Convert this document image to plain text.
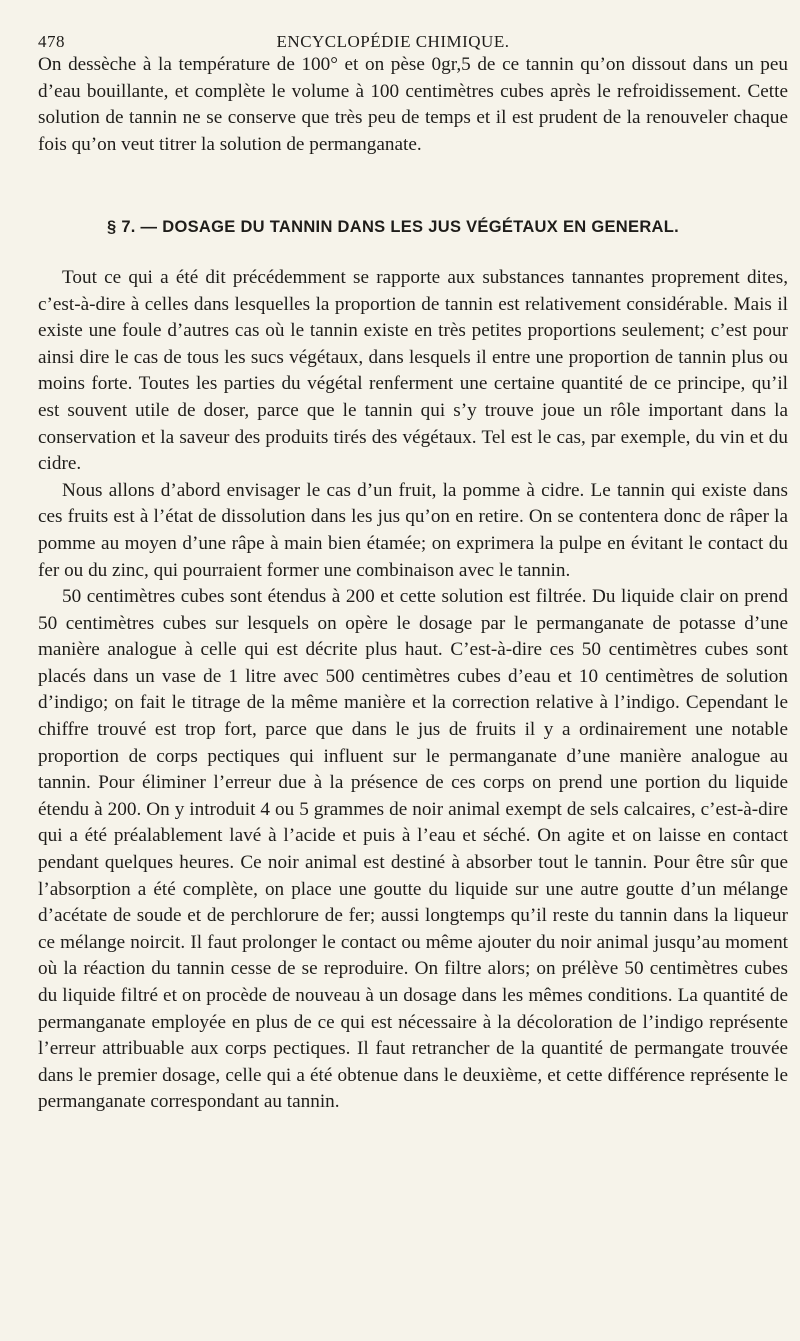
478	ENCYCLOPÉDIE CHIMIQUE.

On dessèche à la température de 100° et on pèse 0gr,5 de ce tannin qu’on dissout dans un peu d’eau bouillante, et complète le volume à 100 centimètres cubes après le refroidissement. Cette solution de tannin ne se conserve que très peu de temps et il est prudent de la renouveler chaque fois qu’on veut titrer la solution de permanganate.

§ 7. — DOSAGE DU TANNIN DANS LES JUS VÉGÉTAUX EN GENERAL.

Tout ce qui a été dit précédemment se rapporte aux substances tannantes proprement dites, c’est-à-dire à celles dans lesquelles la proportion de tannin est relativement considérable. Mais il existe une foule d’autres cas où le tannin existe en très petites proportions seulement; c’est pour ainsi dire le cas de tous les sucs végétaux, dans lesquels il entre une proportion de tannin plus ou moins forte. Toutes les parties du végétal renferment une certaine quantité de ce principe, qu’il est souvent utile de doser, parce que le tannin qui s’y trouve joue un rôle important dans la conservation et la saveur des produits tirés des végétaux. Tel est le cas, par exemple, du vin et du cidre.

Nous allons d’abord envisager le cas d’un fruit, la pomme à cidre. Le tannin qui existe dans ces fruits est à l’état de dissolution dans les jus qu’on en retire. On se contentera donc de râper la pomme au moyen d’une râpe à main bien étamée; on exprimera la pulpe en évitant le contact du fer ou du zinc, qui pourraient former une combinaison avec le tannin.

50 centimètres cubes sont étendus à 200 et cette solution est filtrée. Du liquide clair on prend 50 centimètres cubes sur lesquels on opère le dosage par le permanganate de potasse d’une manière analogue à celle qui est décrite plus haut. C’est-à-dire ces 50 centimètres cubes sont placés dans un vase de 1 litre avec 500 centimètres cubes d’eau et 10 centimètres de solution d’indigo; on fait le titrage de la même manière et la correction relative à l’indigo. Cependant le chiffre trouvé est trop fort, parce que dans le jus de fruits il y a ordinairement une notable proportion de corps pectiques qui influent sur le permanganate d’une manière analogue au tannin. Pour éliminer l’erreur due à la présence de ces corps on prend une portion du liquide étendu à 200. On y introduit 4 ou 5 grammes de noir animal exempt de sels calcaires, c’est-à-dire qui a été préalablement lavé à l’acide et puis à l’eau et séché. On agite et on laisse en contact pendant quelques heures. Ce noir animal est destiné à absorber tout le tannin. Pour être sûr que l’absorption a été complète, on place une goutte du liquide sur une autre goutte d’un mélange d’acétate de soude et de perchlorure de fer; aussi longtemps qu’il reste du tannin dans la liqueur ce mélange noircit. Il faut prolonger le contact ou même ajouter du noir animal jusqu’au moment où la réaction du tannin cesse de se reproduire. On filtre alors; on prélève 50 centimètres cubes du liquide filtré et on procède de nouveau à un dosage dans les mêmes conditions. La quantité de permanganate employée en plus de ce qui est nécessaire à la décoloration de l’indigo représente l’erreur attribuable aux corps pectiques. Il faut retrancher de la quantité de permangate trouvée dans le premier dosage, celle qui a été obtenue dans le deuxième, et cette différence représente le permanganate correspondant au tannin.
